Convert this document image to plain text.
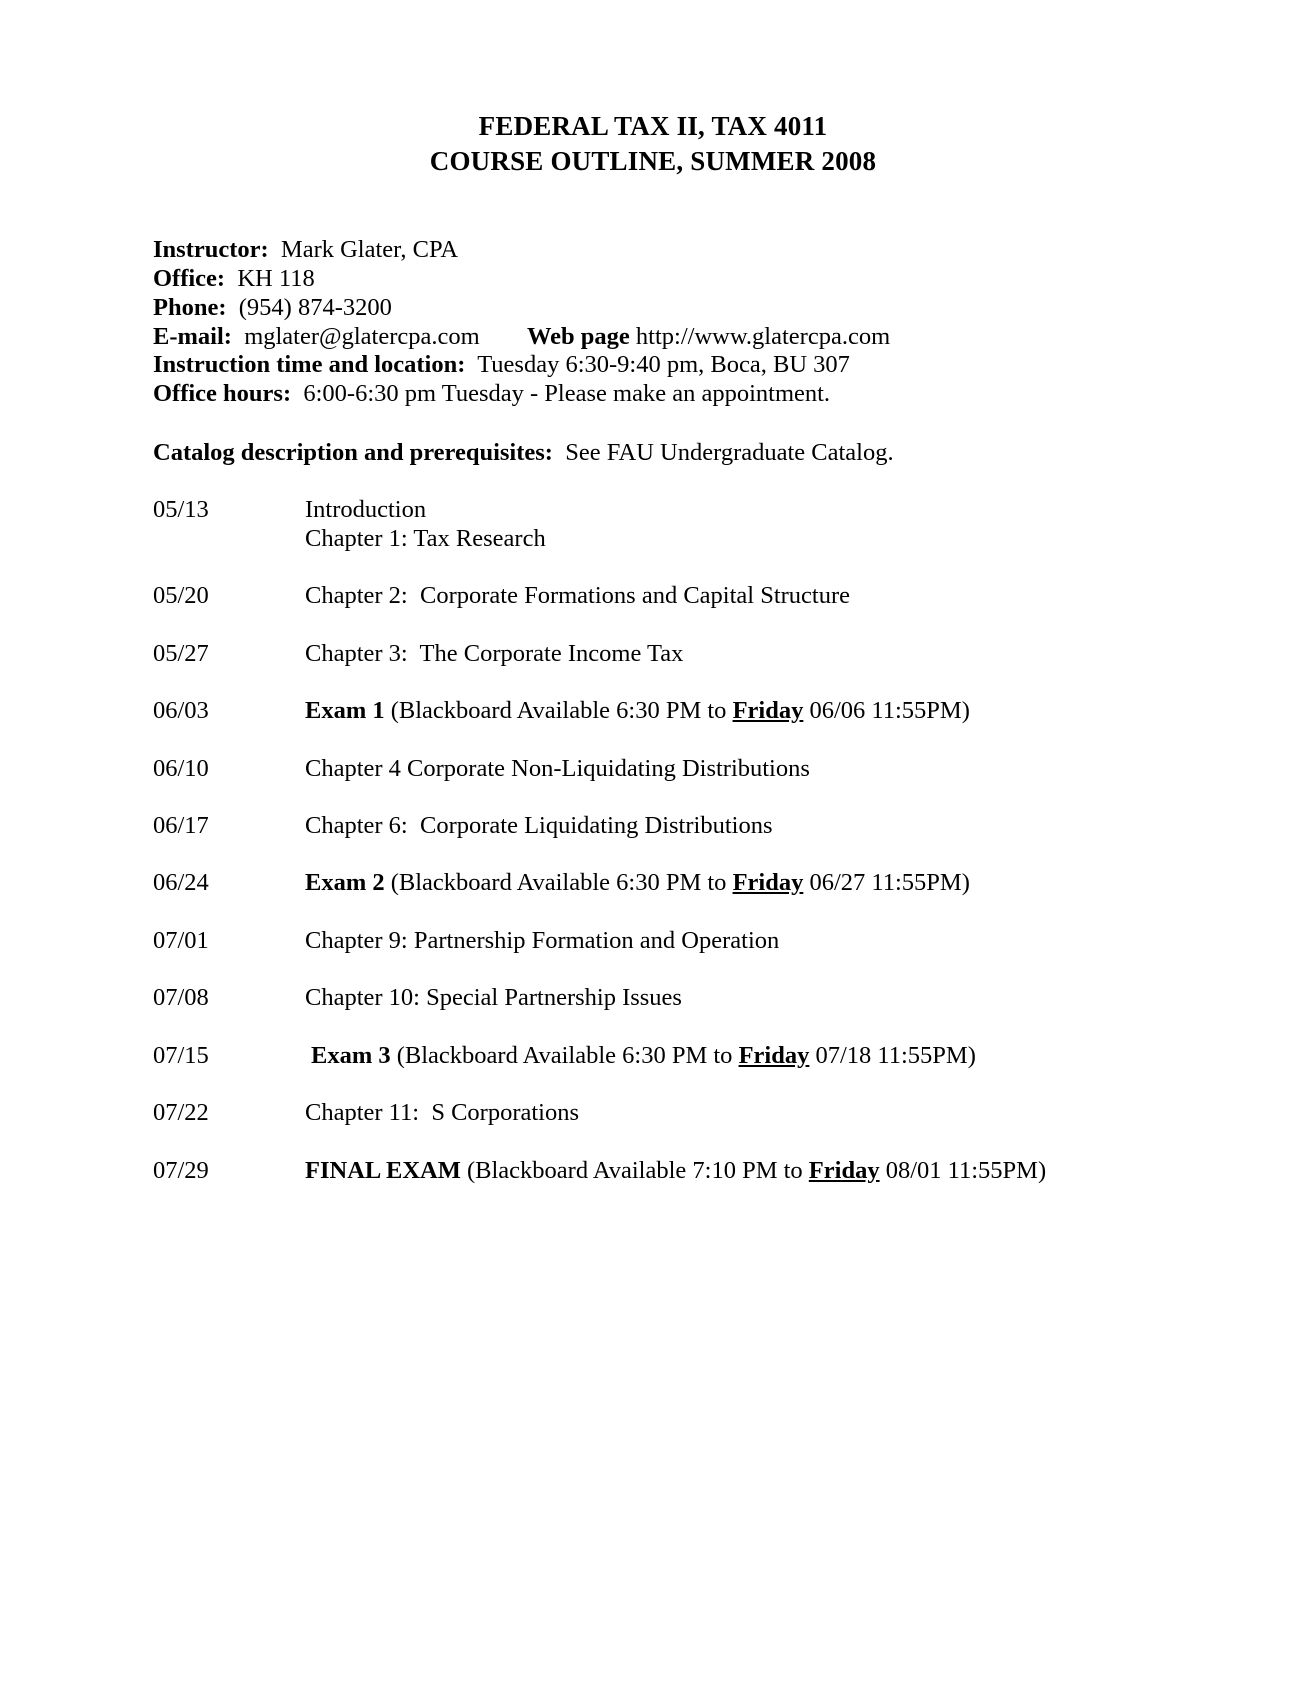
FEDERAL TAX II, TAX 4011
COURSE OUTLINE, SUMMER 2008
Instructor: Mark Glater, CPA
Office: KH 118
Phone: (954) 874-3200
E-mail: mglater@glatercpa.com Web page http://www.glatercpa.com
Instruction time and location: Tuesday 6:30-9:40 pm, Boca, BU 307
Office hours: 6:00-6:30 pm Tuesday - Please make an appointment.
Catalog description and prerequisites: See FAU Undergraduate Catalog.
05/13	Introduction
Chapter 1: Tax Research
05/20	Chapter 2:  Corporate Formations and Capital Structure
05/27	Chapter 3:  The Corporate Income Tax
06/03	Exam 1 (Blackboard Available 6:30 PM to Friday 06/06 11:55PM)
06/10	Chapter 4 Corporate Non-Liquidating Distributions
06/17	Chapter 6:  Corporate Liquidating Distributions
06/24	Exam 2 (Blackboard Available 6:30 PM to Friday 06/27 11:55PM)
07/01	Chapter 9: Partnership Formation and Operation
07/08	Chapter 10: Special Partnership Issues
07/15	Exam 3 (Blackboard Available 6:30 PM to Friday 07/18 11:55PM)
07/22	Chapter 11:  S Corporations
07/29	FINAL EXAM (Blackboard Available 7:10 PM to Friday 08/01 11:55PM)
